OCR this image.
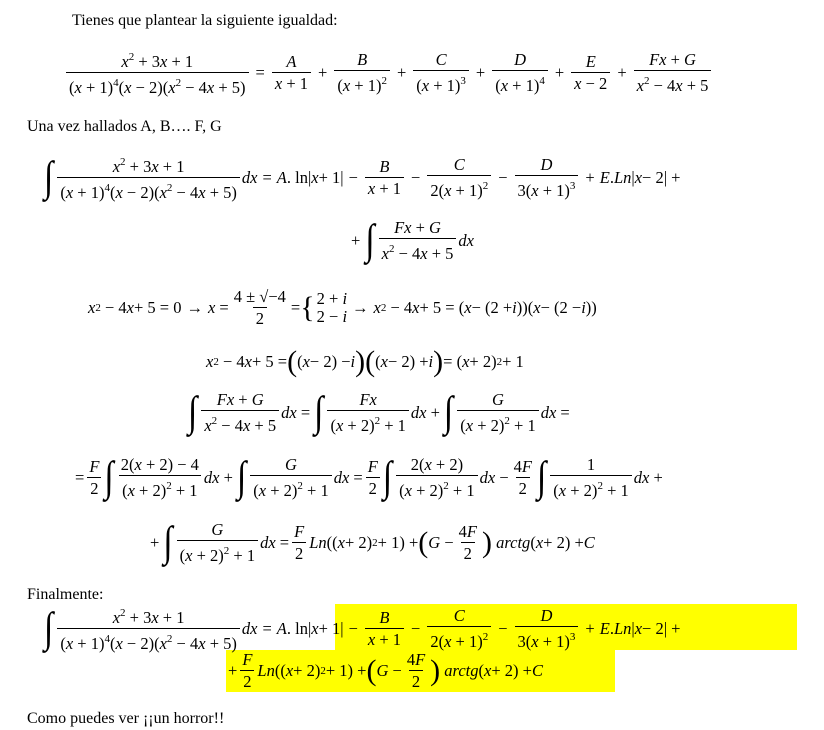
Tienes que plantear la siguiente igualdad:
$\frac{x^2 + 3x + 1}{(x + 1)^4(x - 2)(x^2 - 4x + 5)} = \frac{A}{x + 1} + \frac{B}{(x + 1)^2} + \frac{C}{(x + 1)^3} + \frac{D}{(x + 1)^4} + \frac{E}{x - 2} + \frac{Fx + G}{x^2 - 4x + 5}$
Una vez hallados A, B…. F, G
∫ $\frac{x^2 + 3x + 1}{(x + 1)^4(x - 2)(x^2 - 4x + 5)}$ dx = A . ln| $x + 1| - \frac{B}{x + 1} - \frac{C}{2(x + 1)^2} - \frac{D}{3(x + 1)^3} + E$ . Ln | x − 2| +
+ ∫ $\frac{Fx + G}{x^2 - 4x + 5}$ dx
x 2 − 4 $x + 5 = 0 \to x = \frac{4 \pm √-4}{2}$ = { 2 + i
2 − i → x 2 − 4 x + 5 = ( x − (2 + i ))( x − (2 − i ))
x 2 − 4 x + 5 = ( ( x − 2) − i )( ( x − 2) + i ) = ( x + 2) 2 + 1
∫ $\frac{Fx + G}{x^2 - 4x + 5}$ dx = ∫ $\frac{Fx}{(x + 2)^2 + 1}$ dx + ∫ $\frac{G}{(x + 2)^2 + 1}$ dx =
= $\frac{F}{2}$ ∫ $\frac{2(x + 2) - 4}{(x + 2)^2 + 1}$ dx + ∫ $\frac{G}{(x + 2)^2 + 1}$ dx = $\frac{F}{2}$ ∫ $\frac{2(x + 2)}{(x + 2)^2 + 1}$ dx − $\frac{4F}{2}$ ∫ $\frac{1}{(x + 2)^2 + 1}$ dx +
+ ∫ $\frac{G}{(x + 2)^2 + 1}$ dx = $\frac{F}{2}$ Ln (( x + 2) 2 + 1) + ( $G - \frac{4F}{2}$ )
arctg ( x + 2) + C
Finalmente:
∫ $\frac{x^2 + 3x + 1}{(x + 1)^4(x - 2)(x^2 - 4x + 5)}$ dx = A . ln| $x + 1| - \frac{B}{x + 1} - \frac{C}{2(x + 1)^2} - \frac{D}{3(x + 1)^3} + E$ . Ln | x − 2| +
+ $\frac{F}{2}$ Ln (( x + 2) 2 + 1) + ( $G - \frac{4F}{2}$ )
arctg ( x + 2) + C
Como puedes ver ¡¡un horror!!
